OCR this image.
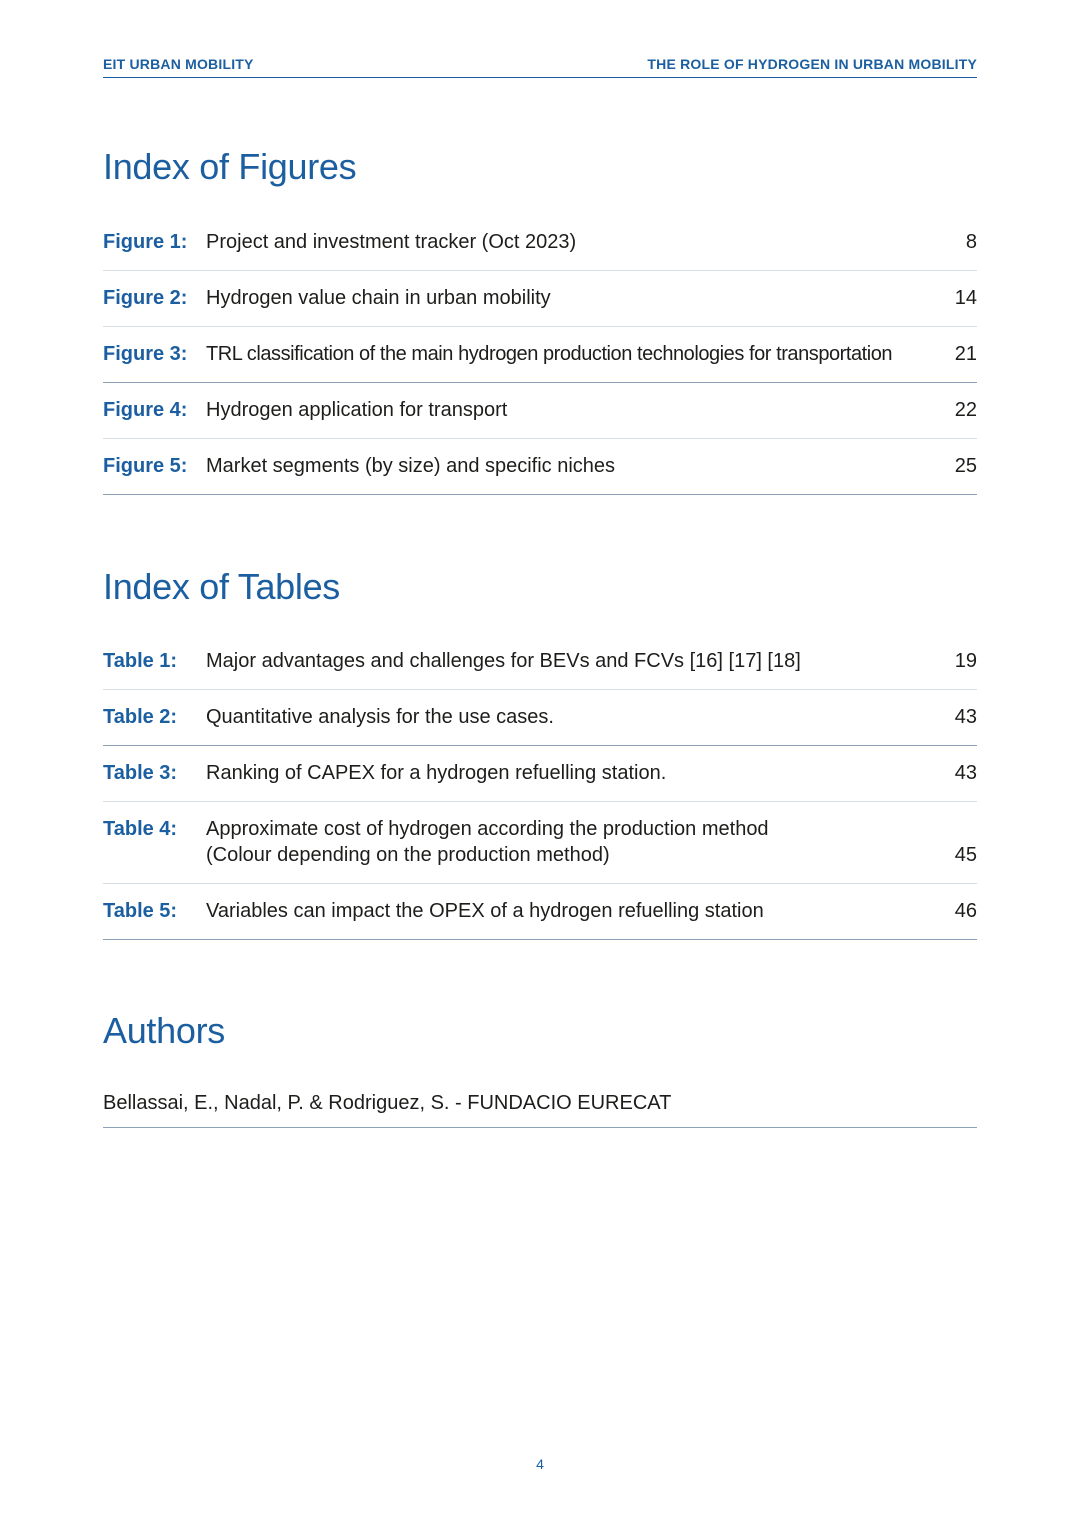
EIT URBAN MOBILITY	THE ROLE OF HYDROGEN IN URBAN MOBILITY
Index of Figures
Figure 1: Project and investment tracker (Oct 2023)	8
Figure 2: Hydrogen value chain in urban mobility	14
Figure 3: TRL classification of the main hydrogen production technologies for transportation	21
Figure 4: Hydrogen application for transport	22
Figure 5: Market segments (by size) and specific niches	25
Index of Tables
Table 1:	Major advantages and challenges for BEVs and FCVs [16] [17] [18]	19
Table 2:	Quantitative analysis for the use cases.	43
Table 3:	Ranking of CAPEX for a hydrogen refuelling station.	43
Table 4:	Approximate cost of hydrogen according the production method
(Colour depending on the production method)	45
Table 5:	Variables can impact the OPEX of a hydrogen refuelling station	46
Authors
Bellassai, E., Nadal, P. & Rodriguez, S. - FUNDACIO EURECAT
4
